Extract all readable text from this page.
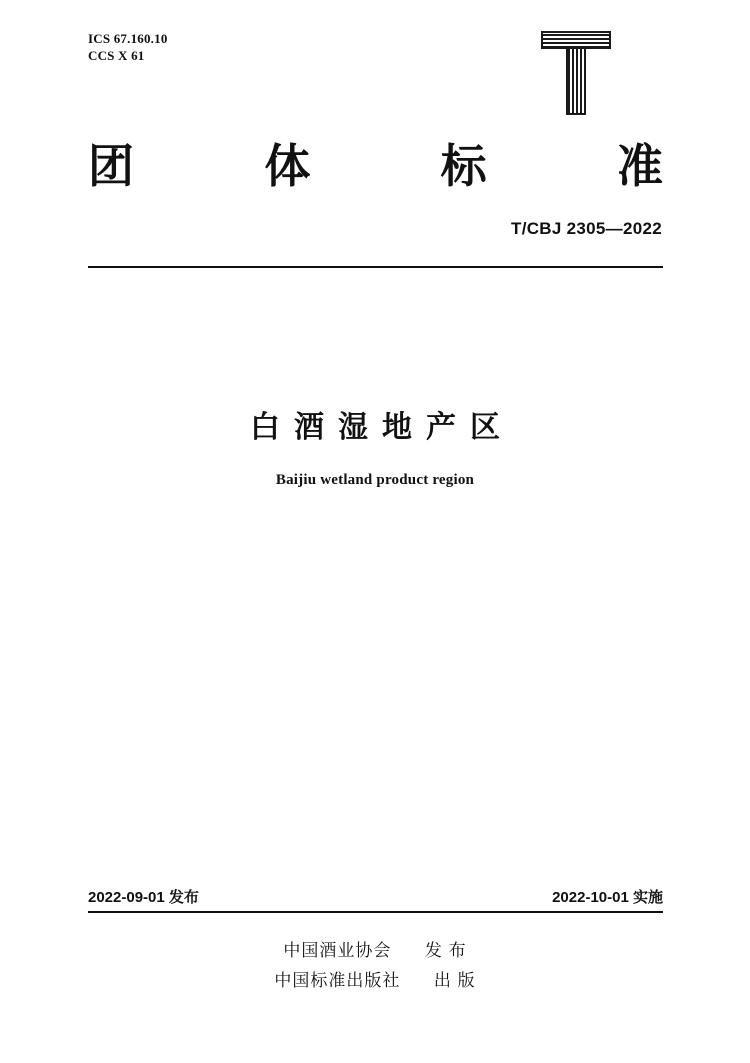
ICS 67.160.10
CCS X 61
团	体	标	准
T/CBJ 2305—2022
白酒湿地产区
Baijiu wetland product region
2022-09-01 发布	2022-10-01 实施
中国酒业协会 发 布
中国标准出版社 出 版
